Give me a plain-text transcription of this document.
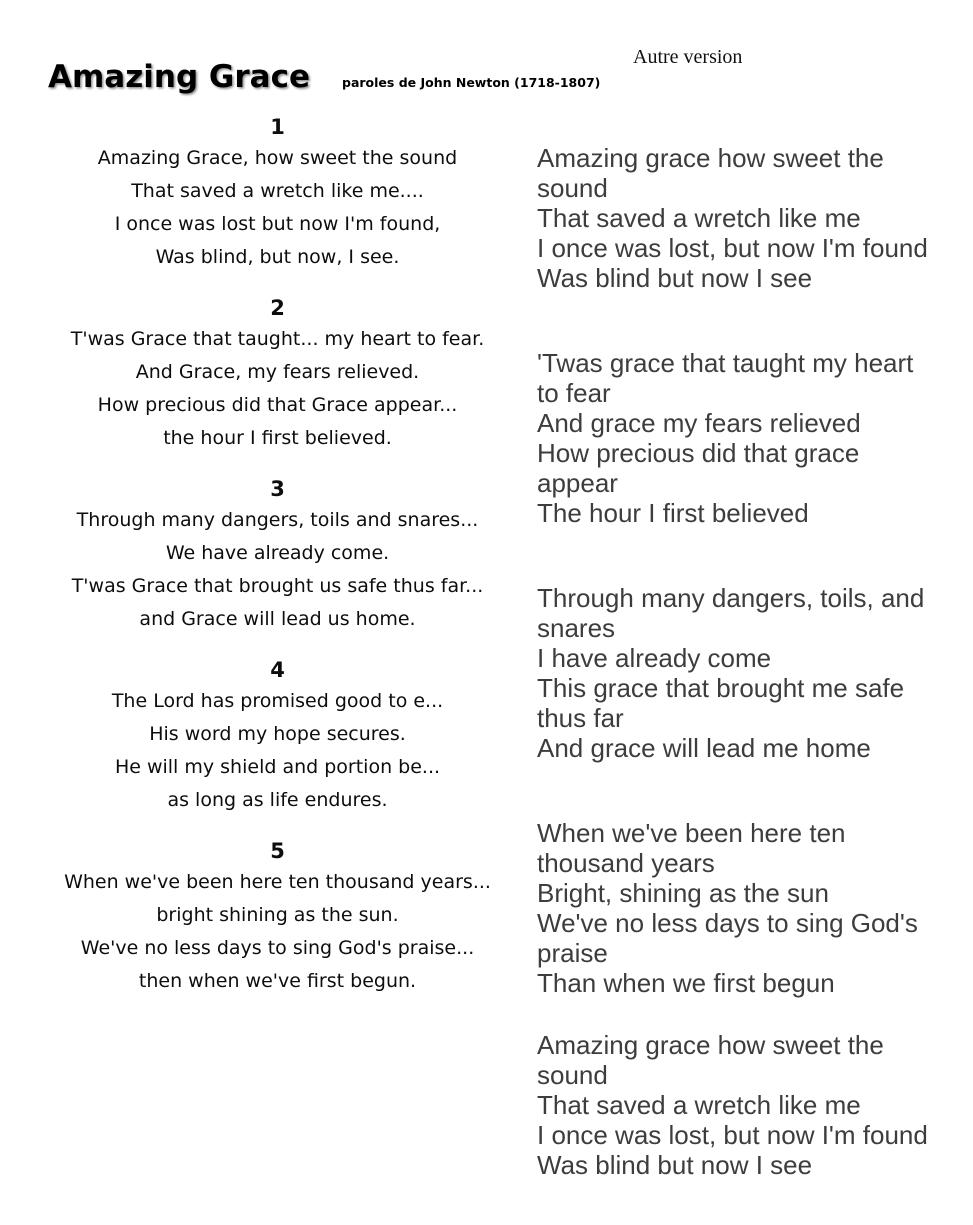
Amazing Grace	paroles de John Newton (1718-1807)
1
Amazing Grace, how sweet the sound
That saved a wretch like me....
I once was lost but now I'm found,
Was blind, but now, I see.
2
T'was Grace that taught... my heart to fear.
And Grace, my fears relieved.
How precious did that Grace appear...
the hour I first believed.
3
Through many dangers, toils and snares...
We have already come.
T'was Grace that brought us safe thus far...
and Grace will lead us home.
4
The Lord has promised good to e...
His word my hope secures.
He will my shield and portion be...
as long as life endures.
5
When we've been here ten thousand years...
bright shining as the sun.
We've no less days to sing God's praise...
then when we've first begun.
Autre version
Amazing grace how sweet the sound
That saved a wretch like me
I once was lost, but now I'm found
Was blind but now I see
'Twas grace that taught my heart to fear
And grace my fears relieved
How precious did that grace appear
The hour I first believed
Through many dangers, toils, and snares
I have already come
This grace that brought me safe thus far
And grace will lead me home
When we've been here ten thousand years
Bright, shining as the sun
We've no less days to sing God's praise
Than when we first begun
Amazing grace how sweet the sound
That saved a wretch like me
I once was lost, but now I'm found
Was blind but now I see
